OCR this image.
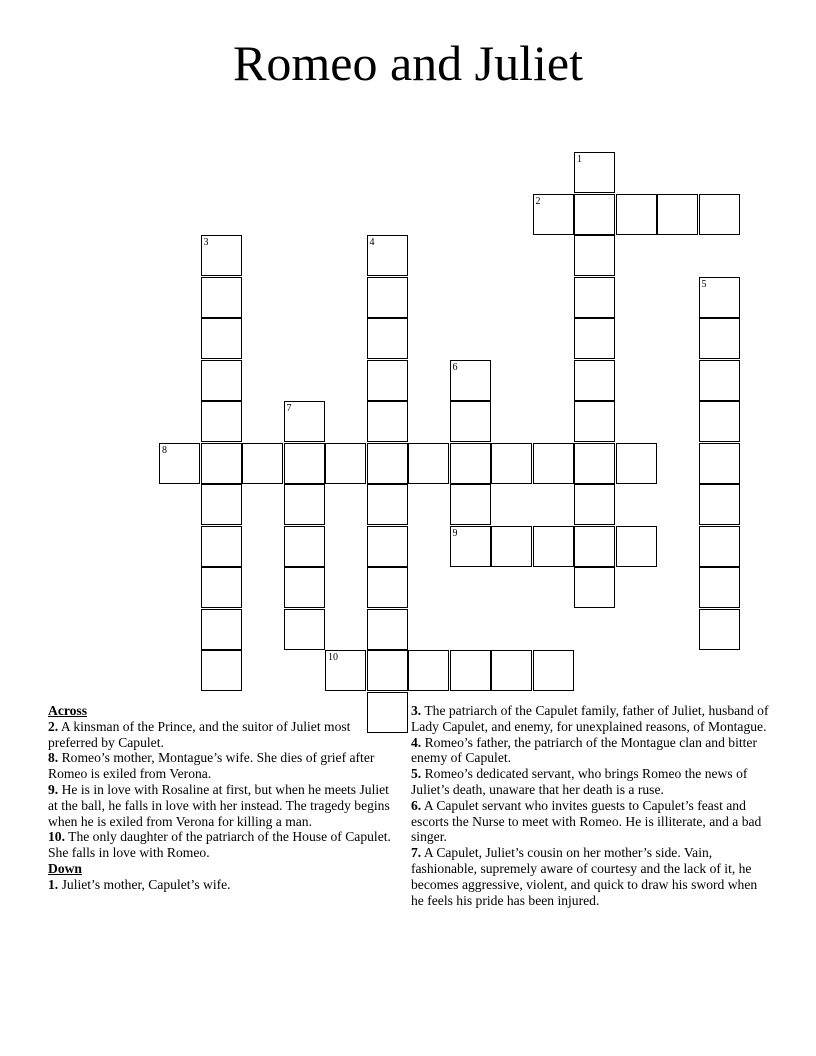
Romeo and Juliet
1
2
3	4
5
6
7
8
9
10
Across
2. A kinsman of the Prince, and the suitor of Juliet most preferred by Capulet.
8. Romeo’s mother, Montague’s wife. She dies of grief after Romeo is exiled from Verona.
9. He is in love with Rosaline at first, but when he meets Juliet at the ball, he falls in love with her instead. The tragedy begins when he is exiled from Verona for killing a man.
10. The only daughter of the patriarch of the House of Capulet. She falls in love with Romeo.
Down
1. Juliet’s mother, Capulet’s wife.
3. The patriarch of the Capulet family, father of Juliet, husband of Lady Capulet, and enemy, for unexplained reasons, of Montague.
4. Romeo’s father, the patriarch of the Montague clan and bitter enemy of Capulet.
5. Romeo’s dedicated servant, who brings Romeo the news of Juliet’s death, unaware that her death is a ruse.
6. A Capulet servant who invites guests to Capulet’s feast and escorts the Nurse to meet with Romeo. He is illiterate, and a bad singer.
7. A Capulet, Juliet’s cousin on her mother’s side. Vain, fashionable, supremely aware of courtesy and the lack of it, he becomes aggressive, violent, and quick to draw his sword when he feels his pride has been injured.
